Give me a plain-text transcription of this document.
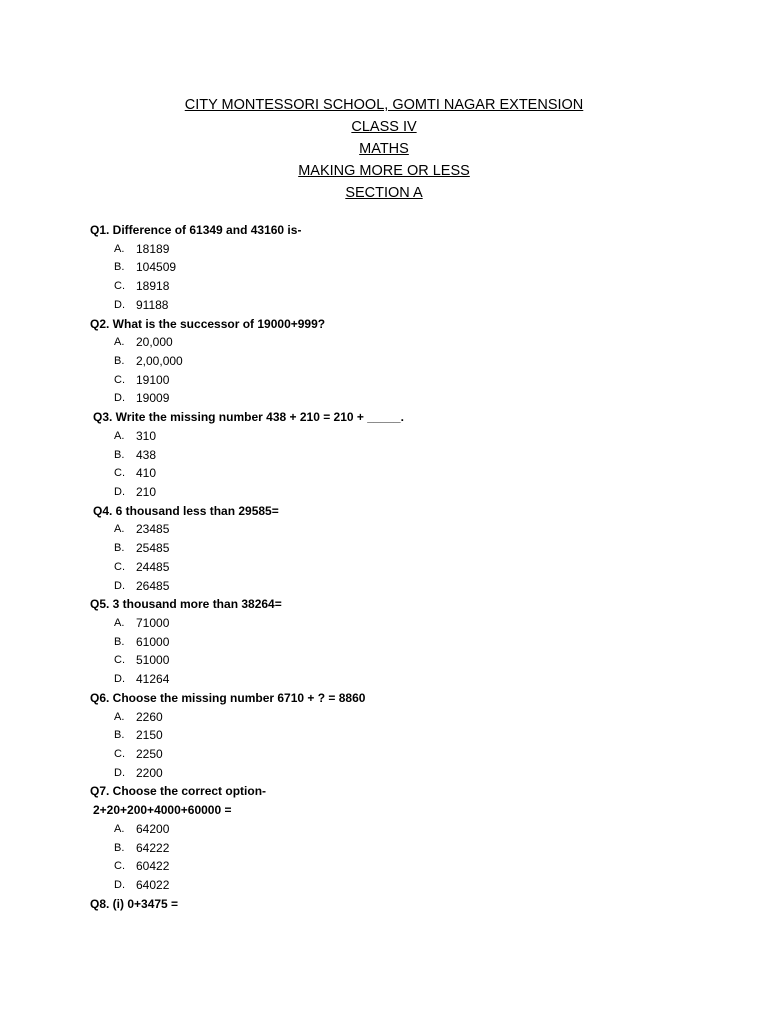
CITY MONTESSORI SCHOOL, GOMTI NAGAR EXTENSION
CLASS IV
MATHS
MAKING MORE OR LESS
SECTION A
Q1. Difference of 61349 and 43160 is-
A. 18189
B. 104509
C. 18918
D. 91188
Q2. What is the successor of 19000+999?
A. 20,000
B. 2,00,000
C. 19100
D. 19009
Q3. Write the missing number 438 + 210 = 210 + _____.
A. 310
B. 438
C. 410
D. 210
Q4. 6 thousand less than 29585=
A. 23485
B. 25485
C. 24485
D. 26485
Q5. 3 thousand more than 38264=
A. 71000
B. 61000
C. 51000
D. 41264
Q6. Choose the missing number 6710 + ? = 8860
A. 2260
B. 2150
C. 2250
D. 2200
Q7. Choose the correct option-
2+20+200+4000+60000 =
A. 64200
B. 64222
C. 60422
D. 64022
Q8. (i) 0+3475 =
